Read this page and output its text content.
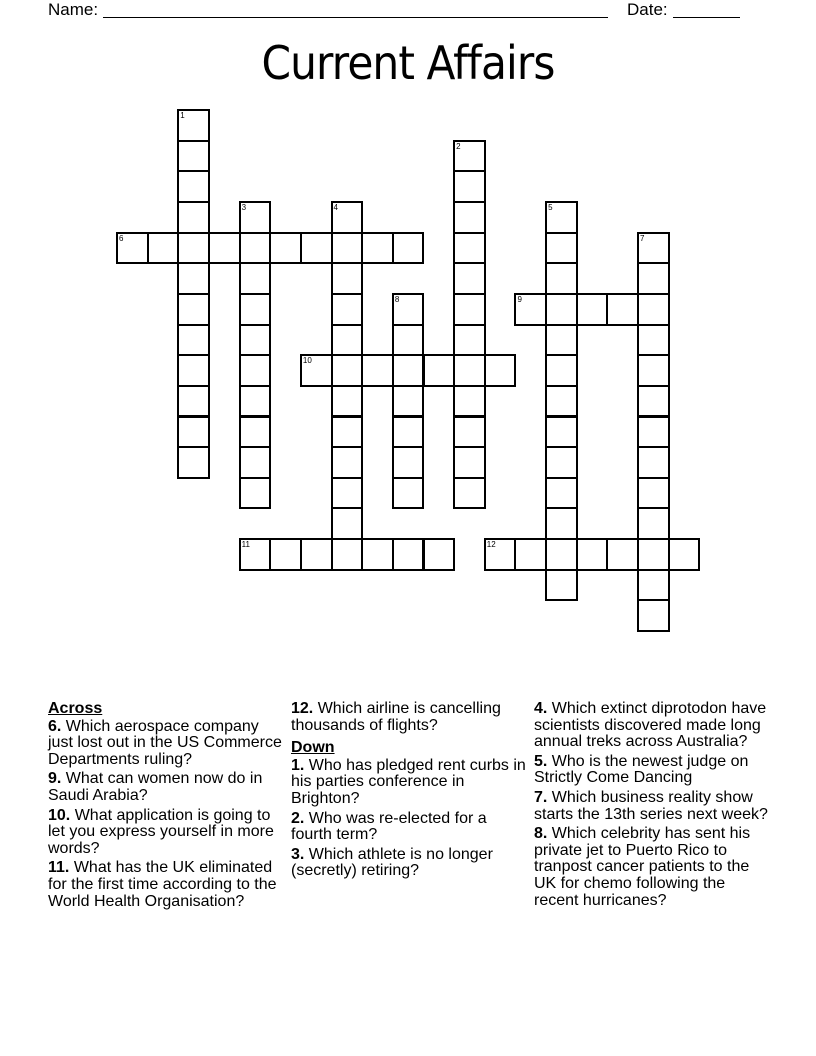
Name:	Date:
Current Affairs
1
2
3	4	5
6	7
8	9
10
11	12
Across
6. Which aerospace company just lost out in the US Commerce Departments ruling?
9. What can women now do in Saudi Arabia?
10. What application is going to let you express yourself in more words?
11. What has the UK eliminated for the first time according to the World Health Organisation?
12. Which airline is cancelling thousands of flights?
Down
1. Who has pledged rent curbs in his parties conference in Brighton?
2. Who was re-elected for a fourth term?
3. Which athlete is no longer (secretly) retiring?
4. Which extinct diprotodon have scientists discovered made long annual treks across Australia?
5. Who is the newest judge on Strictly Come Dancing
7. Which business reality show starts the 13th series next week?
8. Which celebrity has sent his private jet to Puerto Rico to tranpost cancer patients to the UK for chemo following the recent hurricanes?
